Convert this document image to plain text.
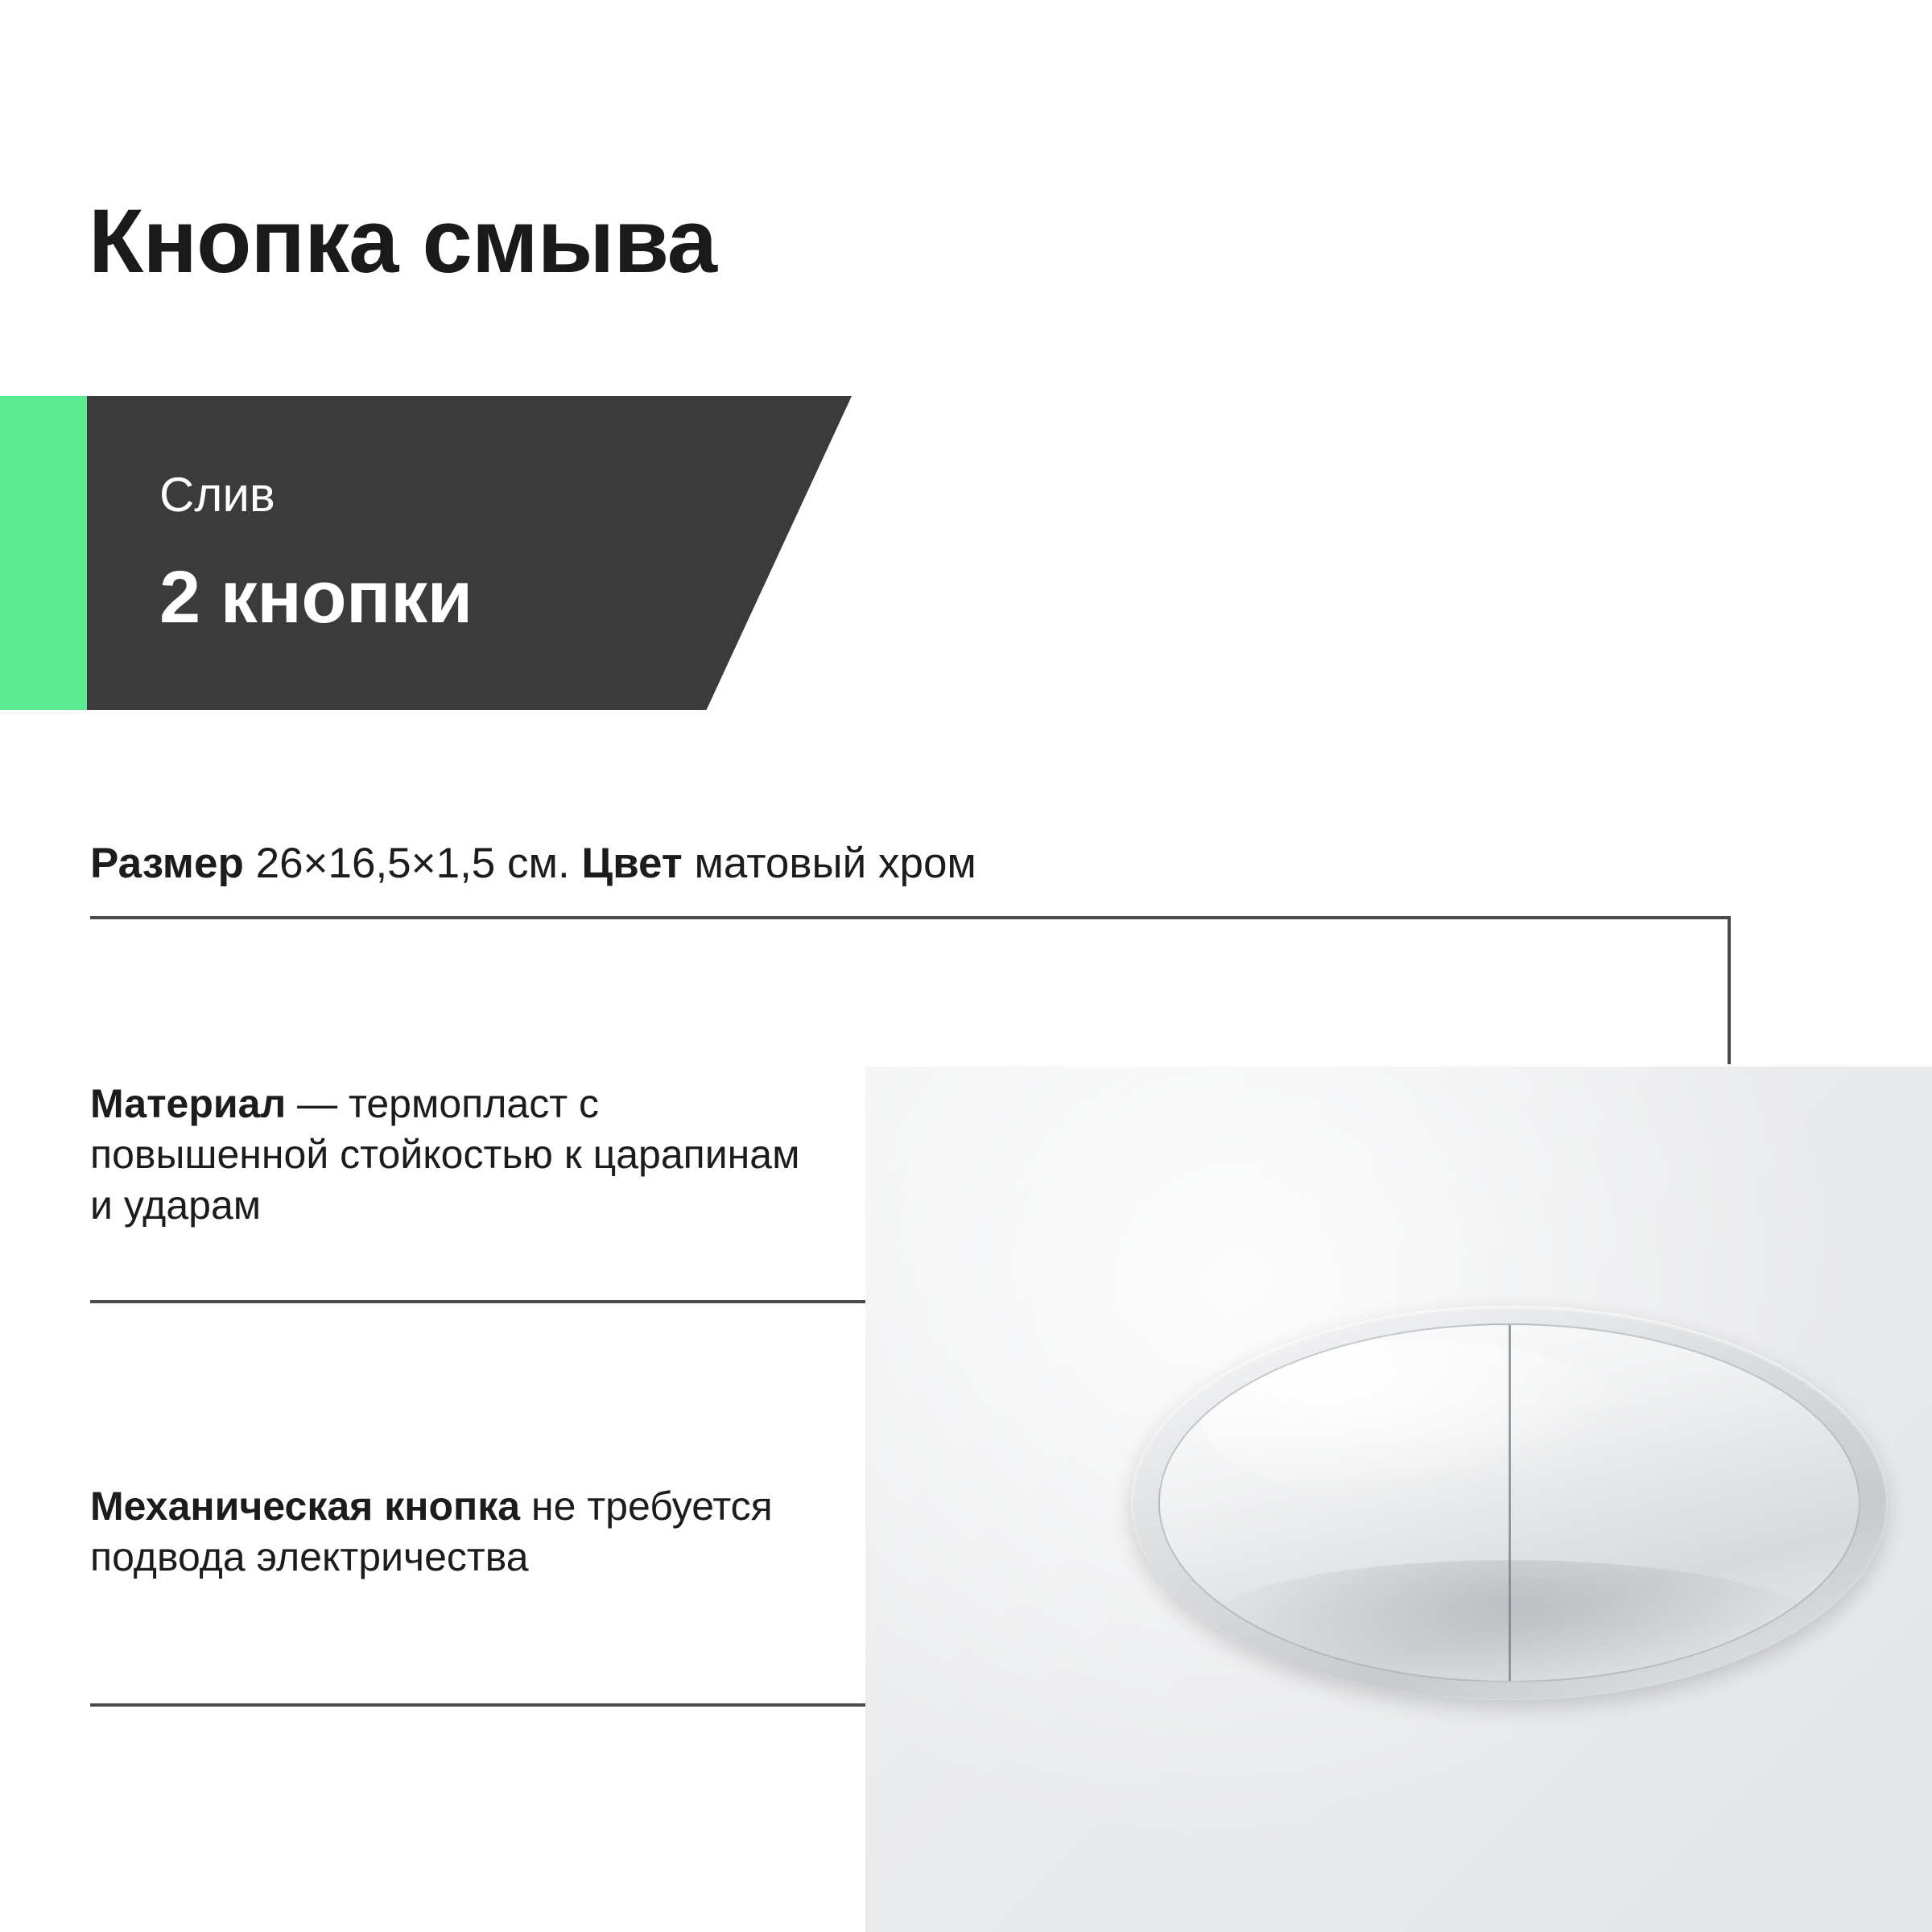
Кнопка смыва
Слив
2 кнопки
Размер 26×16,5×1,5 см. Цвет матовый хром
Материал — термопласт с повышенной стойкостью к царапинам и ударам
Механическая кнопка не требуется подвода электричества
